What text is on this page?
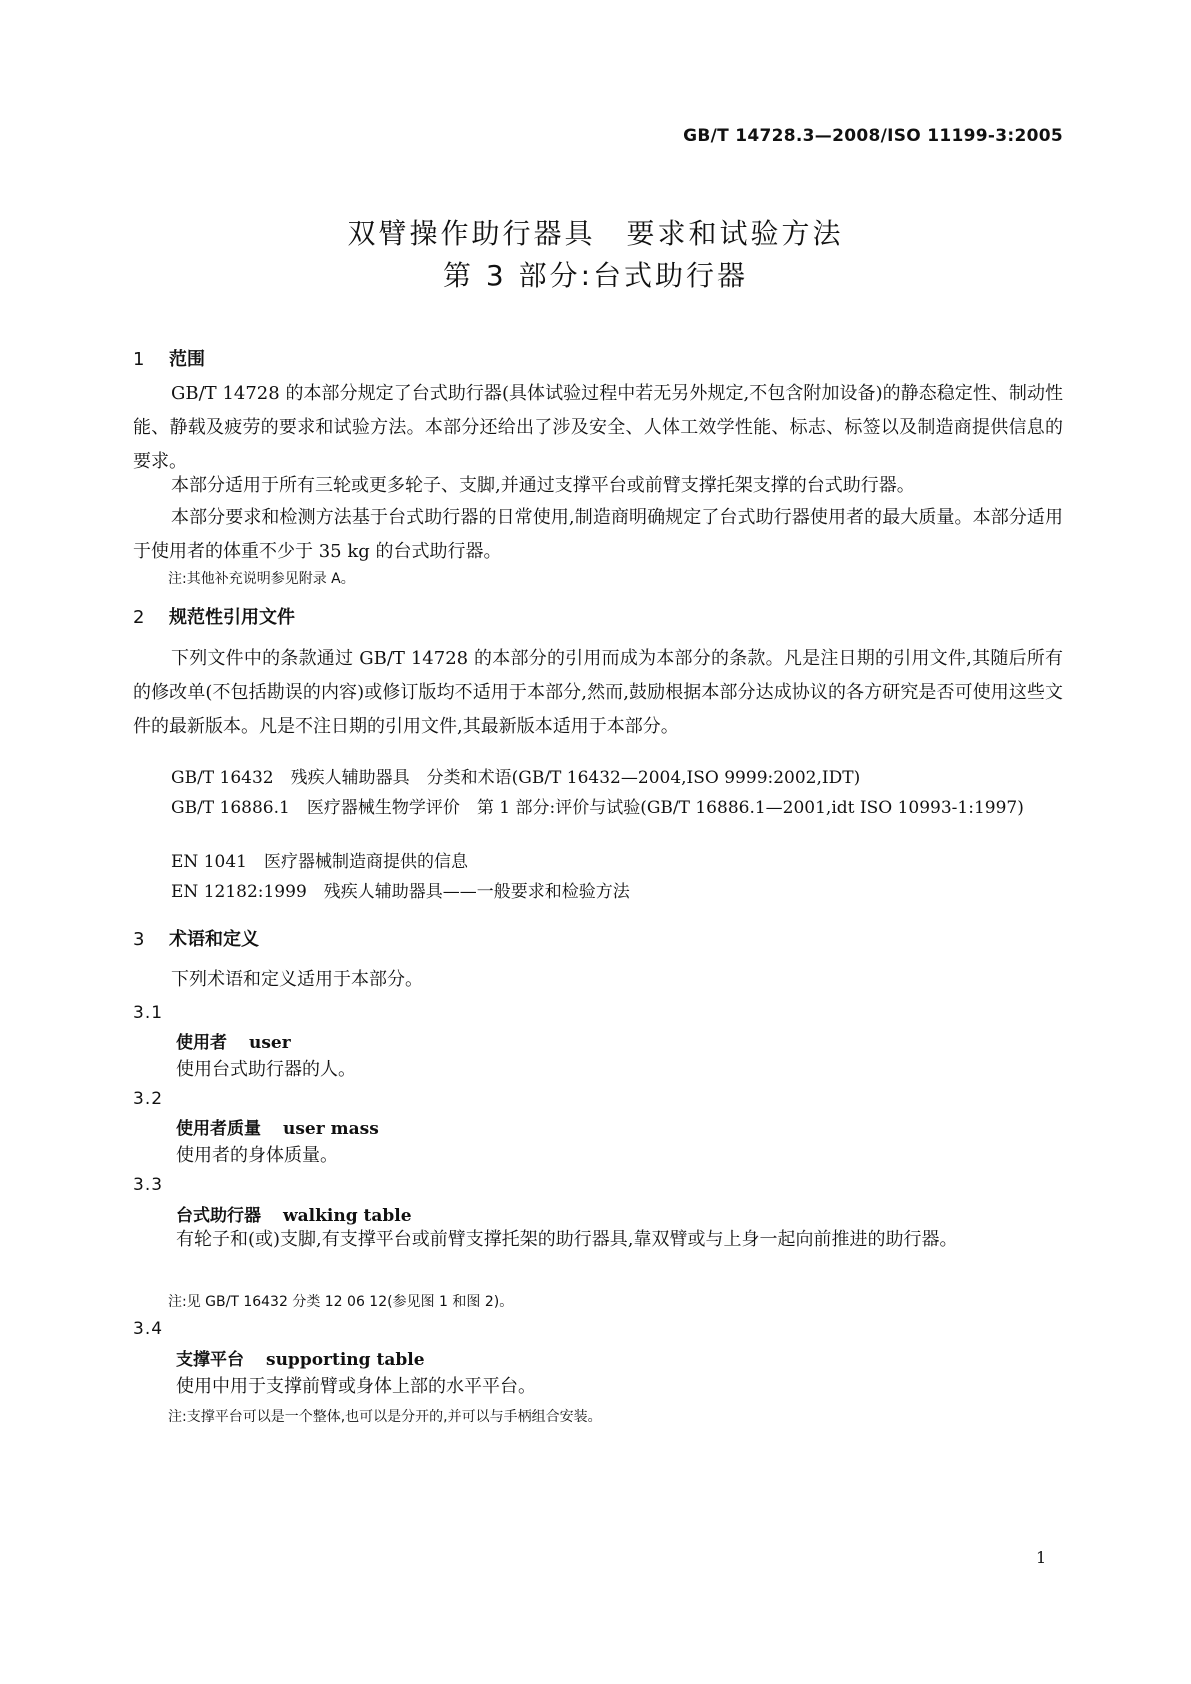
GB/T 14728.3—2008/ISO 11199-3:2005
双臂操作助行器具　要求和试验方法
第 3 部分:台式助行器
1 范围
GB/T 14728 的本部分规定了台式助行器(具体试验过程中若无另外规定,不包含附加设备)的静态稳定性、制动性能、静载及疲劳的要求和试验方法。本部分还给出了涉及安全、人体工效学性能、标志、标签以及制造商提供信息的要求。
本部分适用于所有三轮或更多轮子、支脚,并通过支撑平台或前臂支撑托架支撑的台式助行器。
本部分要求和检测方法基于台式助行器的日常使用,制造商明确规定了台式助行器使用者的最大质量。本部分适用于使用者的体重不少于 35 kg 的台式助行器。
注:其他补充说明参见附录 A。
2 规范性引用文件
下列文件中的条款通过 GB/T 14728 的本部分的引用而成为本部分的条款。凡是注日期的引用文件,其随后所有的修改单(不包括勘误的内容)或修订版均不适用于本部分,然而,鼓励根据本部分达成协议的各方研究是否可使用这些文件的最新版本。凡是不注日期的引用文件,其最新版本适用于本部分。
GB/T 16432　残疾人辅助器具　分类和术语(GB/T 16432—2004,ISO 9999:2002,IDT)
GB/T 16886.1　医疗器械生物学评价　第 1 部分:评价与试验(GB/T 16886.1—2001,idt ISO 10993-1:1997)
EN 1041　医疗器械制造商提供的信息
EN 12182:1999　残疾人辅助器具——一般要求和检验方法
3 术语和定义
下列术语和定义适用于本部分。
3.1
使用者 user
使用台式助行器的人。
3.2
使用者质量 user mass
使用者的身体质量。
3.3
台式助行器 walking table
有轮子和(或)支脚,有支撑平台或前臂支撑托架的助行器具,靠双臂或与上身一起向前推进的助行器。
注:见 GB/T 16432 分类 12 06 12(参见图 1 和图 2)。
3.4
支撑平台 supporting table
使用中用于支撑前臂或身体上部的水平平台。
注:支撑平台可以是一个整体,也可以是分开的,并可以与手柄组合安装。
1
